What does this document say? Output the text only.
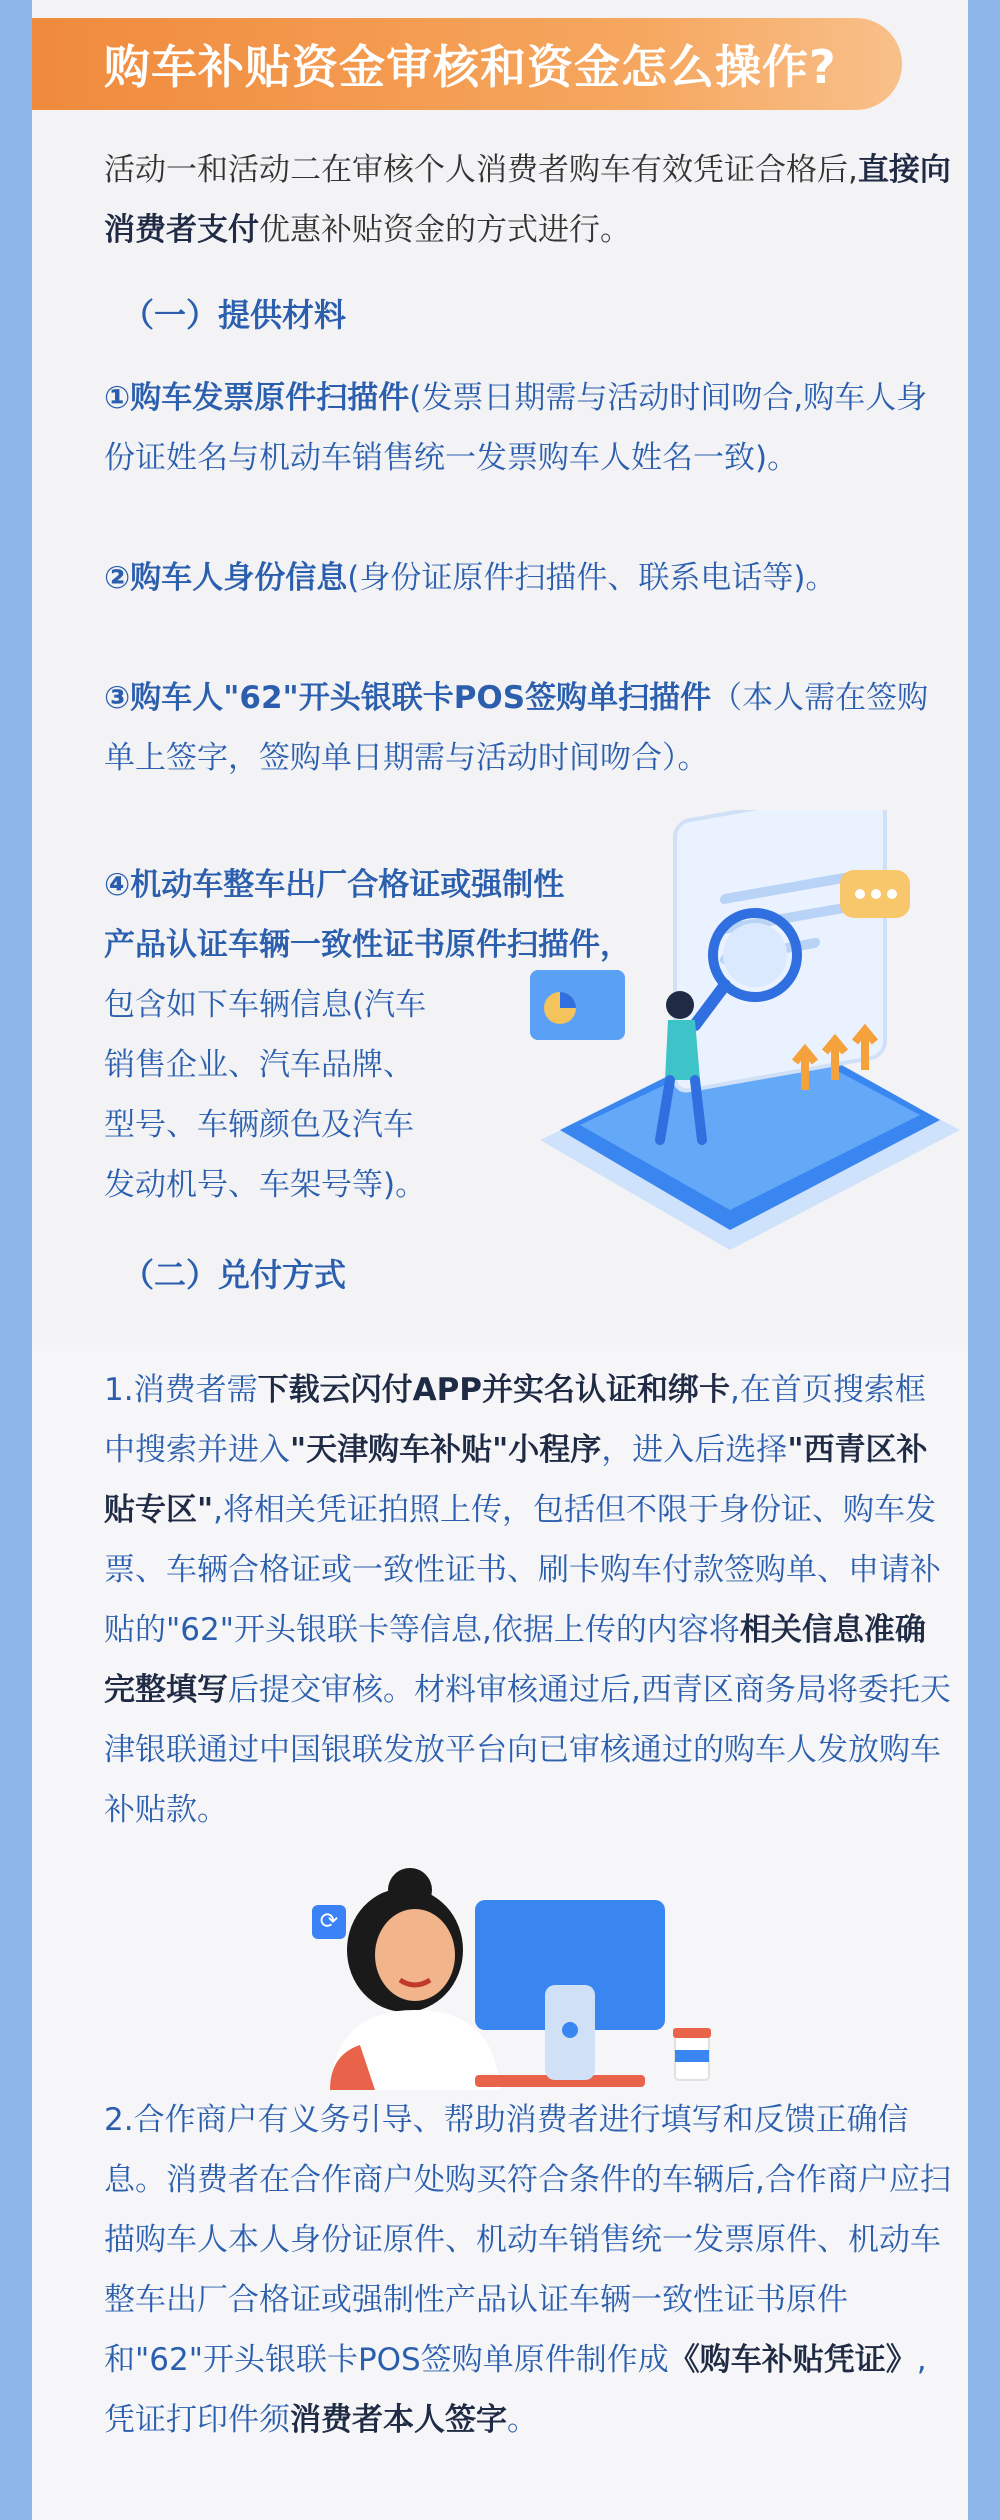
购车补贴资金审核和资金怎么操作?
活动一和活动二在审核个人消费者购车有效凭证合格后,直接向消费者支付优惠补贴资金的方式进行。
（一）提供材料
①购车发票原件扫描件(发票日期需与活动时间吻合,购车人身份证姓名与机动车销售统一发票购车人姓名一致)。
②购车人身份信息(身份证原件扫描件、联系电话等)。
③购车人"62"开头银联卡POS签购单扫描件（本人需在签购单上签字，签购单日期需与活动时间吻合）。
④机动车整车出厂合格证或强制性
产品认证车辆一致性证书原件扫描件，
包含如下车辆信息(汽车
销售企业、汽车品牌、
型号、车辆颜色及汽车
发动机号、车架号等)。
（二）兑付方式
1.消费者需下载云闪付APP并实名认证和绑卡,在首页搜索框中搜索并进入"天津购车补贴"小程序，进入后选择"西青区补贴专区",将相关凭证拍照上传，包括但不限于身份证、购车发票、车辆合格证或一致性证书、刷卡购车付款签购单、申请补贴的"62"开头银联卡等信息,依据上传的内容将相关信息准确完整填写后提交审核。材料审核通过后,西青区商务局将委托天津银联通过中国银联发放平台向已审核通过的购车人发放购车补贴款。
⟳
2.合作商户有义务引导、帮助消费者进行填写和反馈正确信息。消费者在合作商户处购买符合条件的车辆后,合作商户应扫描购车人本人身份证原件、机动车销售统一发票原件、机动车整车出厂合格证或强制性产品认证车辆一致性证书原件和"62"开头银联卡POS签购单原件制作成《购车补贴凭证》,凭证打印件须消费者本人签字。
